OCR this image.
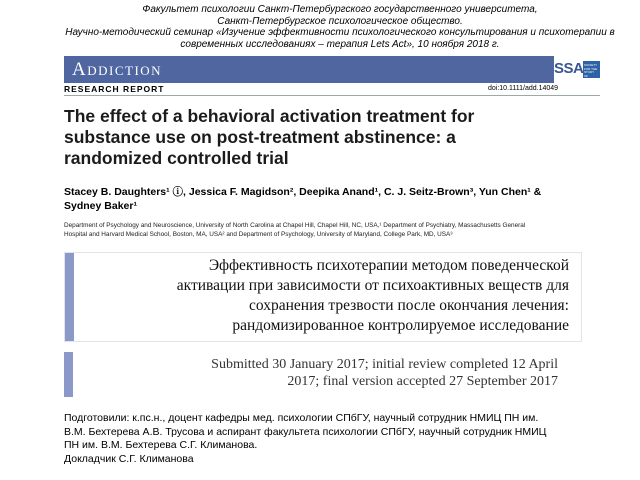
Факультет психологии Санкт-Петербургского государственного университета,
Санкт-Петербургское психологическое общество.
Научно-методический семинар «Изучение эффективности психологического консультирования и психотерапии в
современных исследованиях – терапия Lets Act», 10 ноября 2018 г.
Addiction	SSA SOCIETY FOR THE STUDY OF ADDICTION
RESEARCH REPORT	doi:10.1111/add.14049
The effect of a behavioral activation treatment for
substance use on post-treatment abstinence: a
randomized controlled trial
Stacey B. Daughters¹ ⓘ, Jessica F. Magidson², Deepika Anand¹, C. J. Seitz-Brown³, Yun Chen¹ &
Sydney Baker¹
Department of Psychology and Neuroscience, University of North Carolina at Chapel Hill, Chapel Hill, NC, USA,¹ Department of Psychiatry, Massachusetts General
Hospital and Harvard Medical School, Boston, MA, USA² and Department of Psychology, University of Maryland, College Park, MD, USA³
Эффективность психотерапии методом поведенческой
активации при зависимости от психоактивных веществ для
сохранения трезвости после окончания лечения:
рандомизированное контролируемое исследование
Submitted 30 January 2017; initial review completed 12 April
2017; final version accepted 27 September 2017
Подготовили: к.пс.н., доцент кафедры мед. психологии СПбГУ, научный сотрудник НМИЦ ПН им.
В.М. Бехтерева А.В. Трусова и аспирант факультета психологии СПбГУ, научный сотрудник НМИЦ
ПН им. В.М. Бехтерева С.Г. Климанова.
Докладчик С.Г. Климанова
